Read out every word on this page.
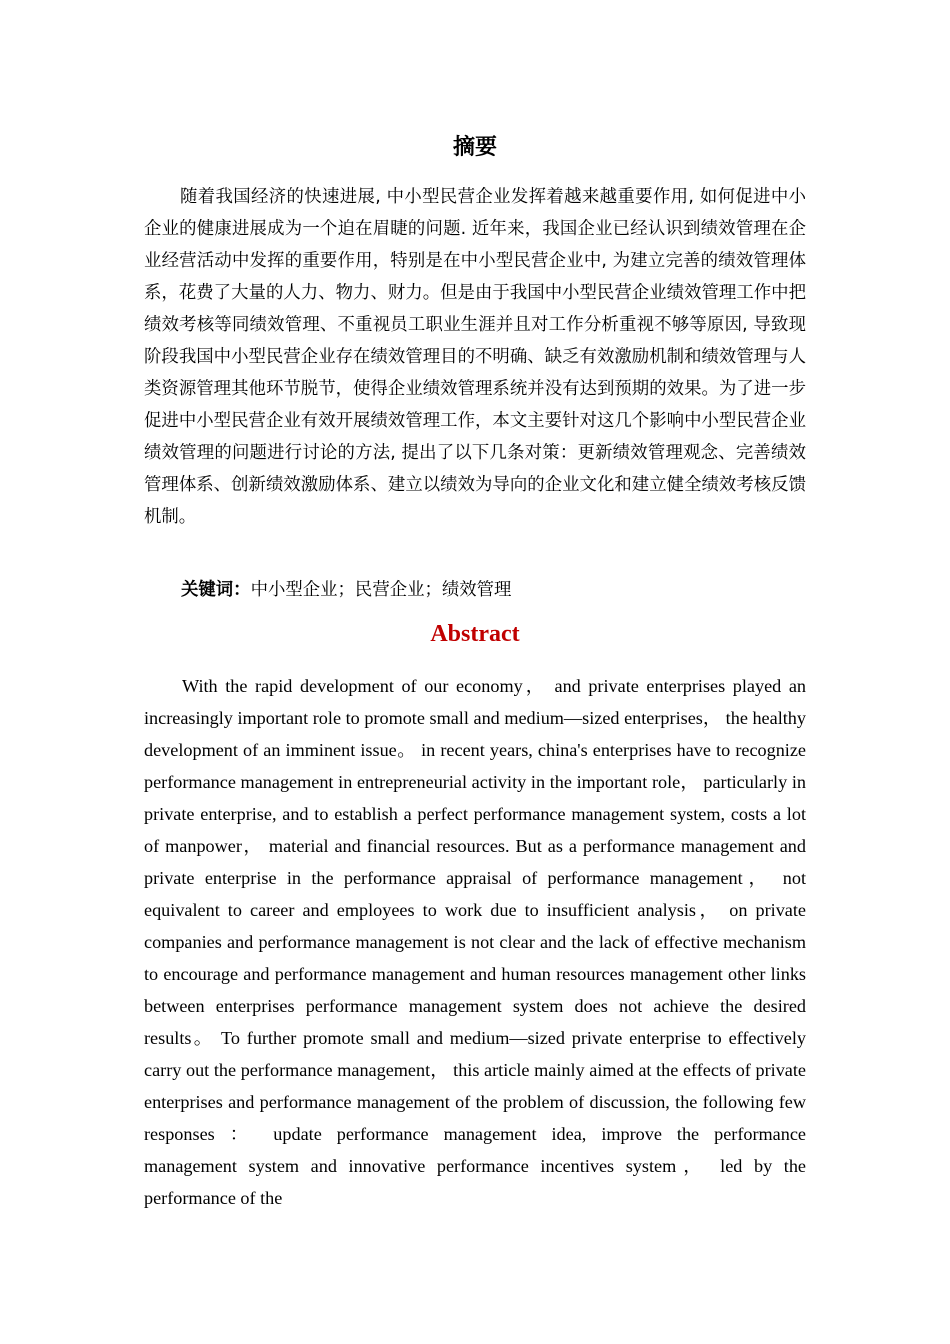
摘要
随着我国经济的快速进展, 中小型民营企业发挥着越来越重要作用, 如何促进中小企业的健康进展成为一个迫在眉睫的问题. 近年来，我国企业已经认识到绩效管理在企业经营活动中发挥的重要作用，特别是在中小型民营企业中, 为建立完善的绩效管理体系，花费了大量的人力、物力、财力。但是由于我国中小型民营企业绩效管理工作中把绩效考核等同绩效管理、不重视员工职业生涯并且对工作分析重视不够等原因, 导致现阶段我国中小型民营企业存在绩效管理目的不明确、缺乏有效激励机制和绩效管理与人类资源管理其他环节脱节，使得企业绩效管理系统并没有达到预期的效果。为了进一步促进中小型民营企业有效开展绩效管理工作，本文主要针对这几个影响中小型民营企业绩效管理的问题进行讨论的方法, 提出了以下几条对策：更新绩效管理观念、完善绩效管理体系、创新绩效激励体系、建立以绩效为导向的企业文化和建立健全绩效考核反馈机制。
关键词：中小型企业；民营企业；绩效管理
Abstract
With the rapid development of our economy， and private enterprises played an increasingly important role to promote small and medium—sized enterprises， the healthy development of an imminent issue。 in recent years, china's enterprises have to recognize performance management in entrepreneurial activity in the important role， particularly in private enterprise, and to establish a perfect performance management system, costs a lot of manpower， material and financial resources. But as a performance management and private enterprise in the performance appraisal of performance management， not equivalent to career and employees to work due to insufficient analysis， on private companies and performance management is not clear and the lack of effective mechanism to encourage and performance management and human resources management other links between enterprises performance management system does not achieve the desired results。 To further promote small and medium—sized private enterprise to effectively carry out the performance management， this article mainly aimed at the effects of private enterprises and performance management of the problem of discussion, the following few responses ： update performance management idea, improve the performance management system and innovative performance incentives system， led by the performance of the
